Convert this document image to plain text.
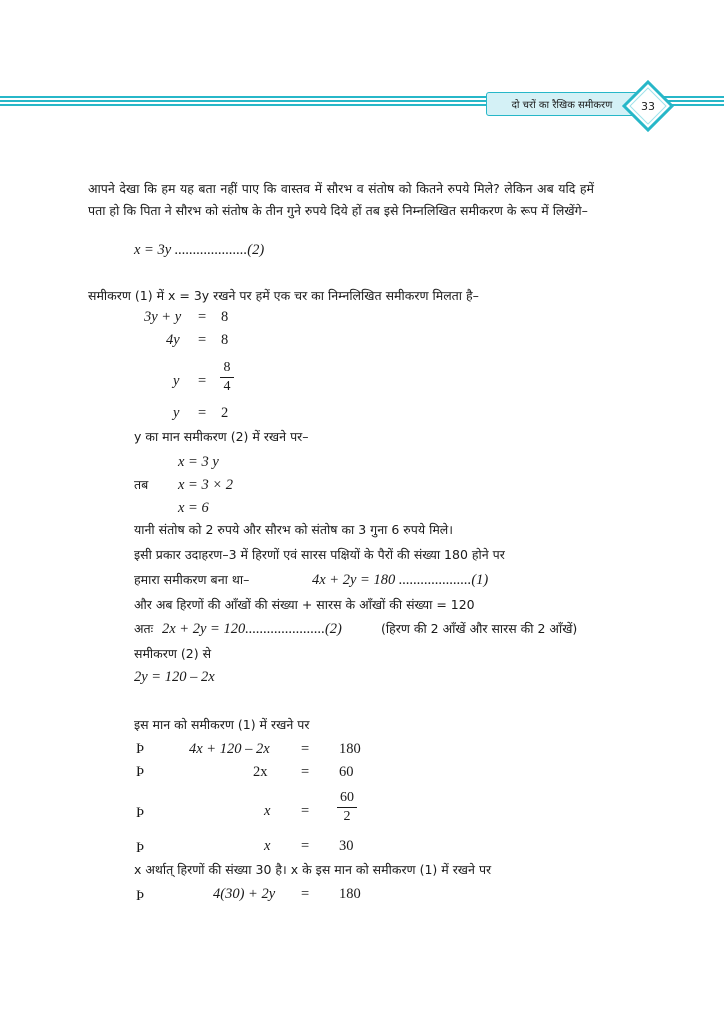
दो चरों का रैखिक समीकरण	33
आपने देखा कि हम यह बता नहीं पाए कि वास्तव में सौरभ व संतोष को कितने रुपये मिले? लेकिन अब यदि हमें पता हो कि पिता ने सौरभ को संतोष के तीन गुने रुपये दिये हों तब इसे निम्नलिखित समीकरण के रूप में लिखेंगे–
x = 3y ....................(2)
समीकरण (1) में x = 3y रखने पर हमें एक चर का निम्नलिखित समीकरण मिलता है–
3y + y = 8
4y = 8
y =
8
4
y = 2
y का मान समीकरण (2) में रखने पर–
x = 3 y
तब x = 3 × 2
x = 6
यानी संतोष को 2 रुपये और सौरभ को संतोष का 3 गुना 6 रुपये मिले।
इसी प्रकार उदाहरण–3 में हिरणों एवं सारस पक्षियों के पैरों की संख्या 180 होने पर
हमारा समीकरण बना था–	4x + 2y = 180 ....................(1)
और अब हिरणों की आँखों की संख्या + सारस के आँखों की संख्या = 120
अतः 2x + 2y = 120......................(2)	(हिरण की 2 आँखें और सारस की 2 आँखें)
समीकरण (2) से
2y = 120 – 2x
इस मान को समीकरण (1) में रखने पर
Þ	4x + 120 – 2x = 180
Þ	2x = 60
Þ	x =
60
2
Þ	x = 30
x अर्थात् हिरणों की संख्या 30 है। x के इस मान को समीकरण (1) में रखने पर
Þ	4(30) + 2y = 180
